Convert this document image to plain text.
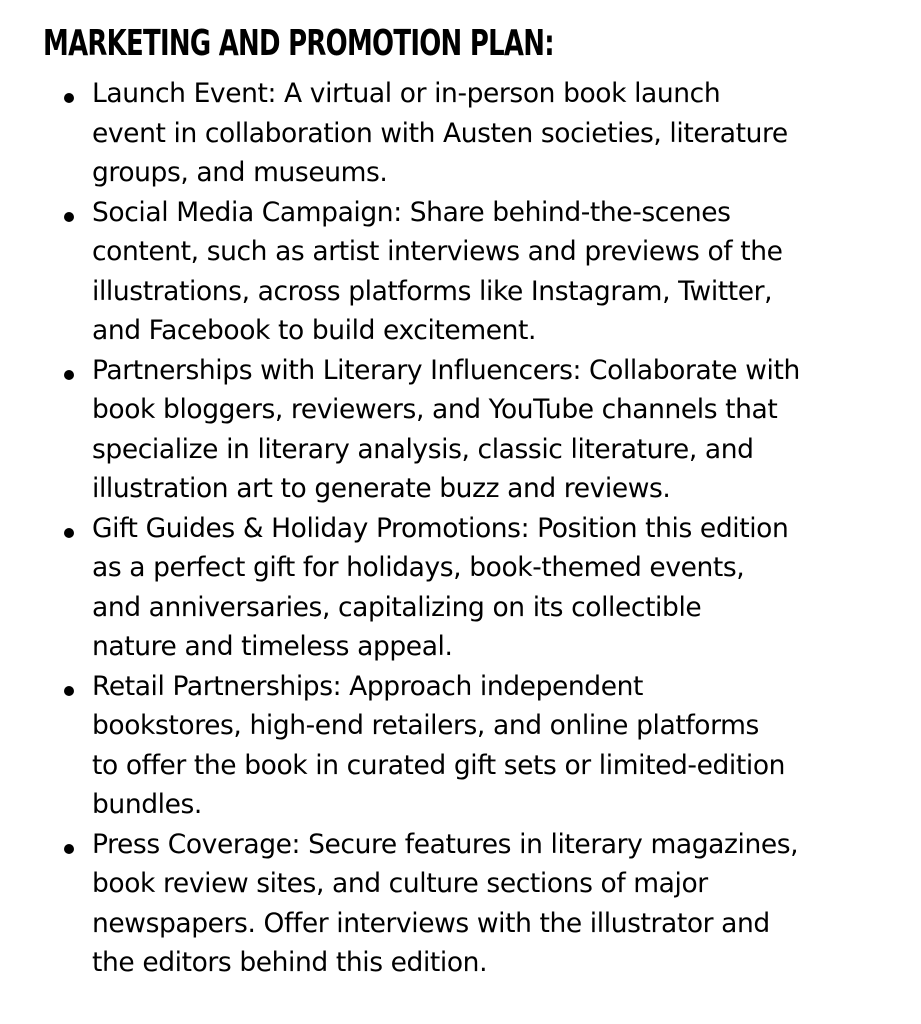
MARKETING AND PROMOTION PLAN:
Launch Event: A virtual or in-person book launch
event in collaboration with Austen societies, literature
groups, and museums.
Social Media Campaign: Share behind-the-scenes
content, such as artist interviews and previews of the
illustrations, across platforms like Instagram, Twitter,
and Facebook to build excitement.
Partnerships with Literary Influencers: Collaborate with
book bloggers, reviewers, and YouTube channels that
specialize in literary analysis, classic literature, and
illustration art to generate buzz and reviews.
Gift Guides & Holiday Promotions: Position this edition
as a perfect gift for holidays, book-themed events,
and anniversaries, capitalizing on its collectible
nature and timeless appeal.
Retail Partnerships: Approach independent
bookstores, high-end retailers, and online platforms
to offer the book in curated gift sets or limited-edition
bundles.
Press Coverage: Secure features in literary magazines,
book review sites, and culture sections of major
newspapers. Offer interviews with the illustrator and
the editors behind this edition.
